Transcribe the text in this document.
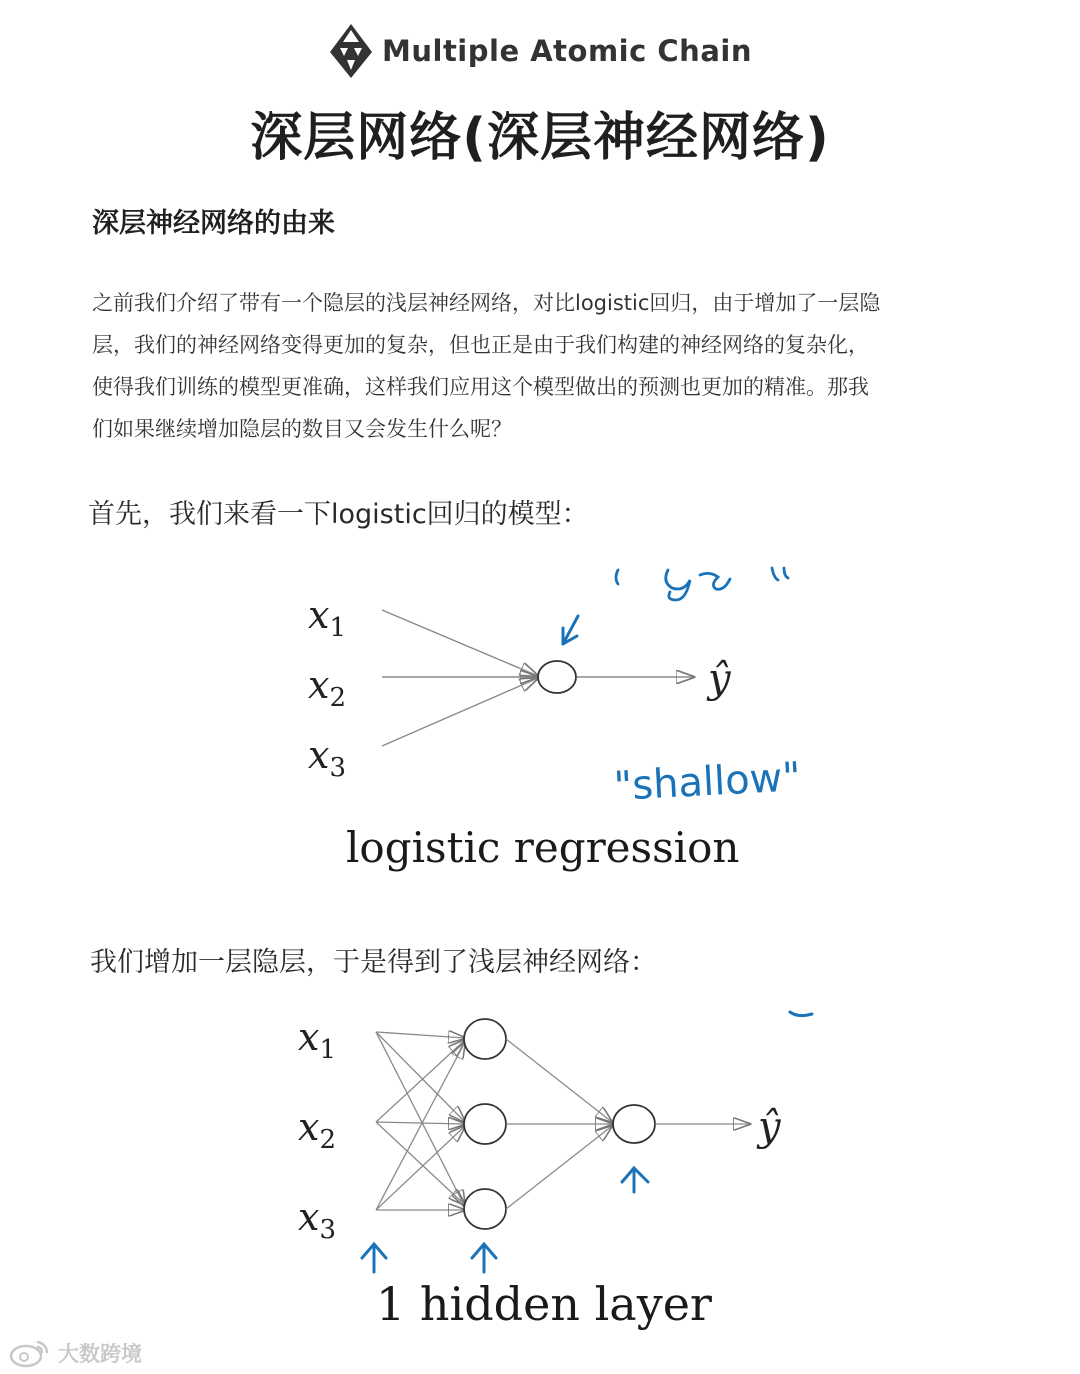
Multiple Atomic Chain
深层网络(深层神经网络)
深层神经网络的由来

之前我们介绍了带有一个隐层的浅层神经网络，对比logistic回归，由于增加了一层隐
层，我们的神经网络变得更加的复杂，但也正是由于我们构建的神经网络的复杂化，
使得我们训练的模型更准确，这样我们应用这个模型做出的预测也更加的精准。那我
们如果继续增加隐层的数目又会发生什么呢？

首先，我们来看一下logistic回归的模型：
$x_1$
$x_2$
$x_3$
ŷ
"shallow"
logistic regression
我们增加一层隐层，于是得到了浅层神经网络：
$x_1$
$x_2$
$x_3$
ŷ
1 hidden layer
大数跨境
